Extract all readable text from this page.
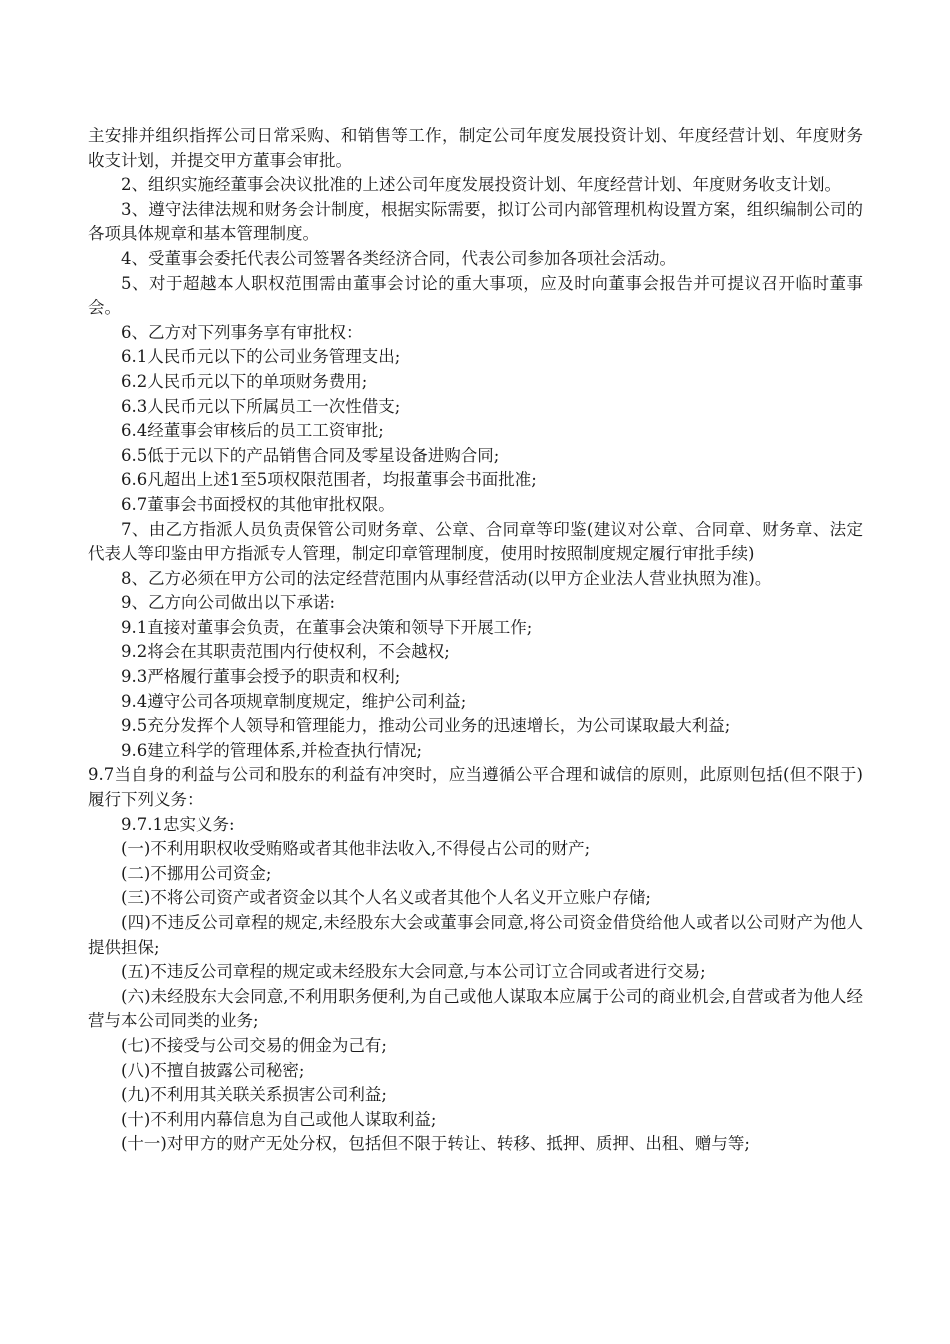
主安排并组织指挥公司日常采购、和销售等工作，制定公司年度发展投资计划、年度经营计划、年度财务收支计划，并提交甲方董事会审批。

2、组织实施经董事会决议批准的上述公司年度发展投资计划、年度经营计划、年度财务收支计划。

3、遵守法律法规和财务会计制度，根据实际需要，拟订公司内部管理机构设置方案，组织编制公司的各项具体规章和基本管理制度。

4、受董事会委托代表公司签署各类经济合同，代表公司参加各项社会活动。

5、对于超越本人职权范围需由董事会讨论的重大事项，应及时向董事会报告并可提议召开临时董事会。

6、乙方对下列事务享有审批权：

6.1人民币元以下的公司业务管理支出;

6.2人民币元以下的单项财务费用;

6.3人民币元以下所属员工一次性借支;

6.4经董事会审核后的员工工资审批;

6.5低于元以下的产品销售合同及零星设备进购合同;

6.6凡超出上述1至5项权限范围者，均报董事会书面批准;

6.7董事会书面授权的其他审批权限。

7、由乙方指派人员负责保管公司财务章、公章、合同章等印鉴(建议对公章、合同章、财务章、法定代表人等印鉴由甲方指派专人管理，制定印章管理制度，使用时按照制度规定履行审批手续)

8、乙方必须在甲方公司的法定经营范围内从事经营活动(以甲方企业法人营业执照为准)。

9、乙方向公司做出以下承诺:

9.1直接对董事会负责，在董事会决策和领导下开展工作;

9.2将会在其职责范围内行使权利，不会越权;

9.3严格履行董事会授予的职责和权利;

9.4遵守公司各项规章制度规定，维护公司利益;

9.5充分发挥个人领导和管理能力，推动公司业务的迅速增长，为公司谋取最大利益;

9.6建立科学的管理体系,并检查执行情况;

9.7当自身的利益与公司和股东的利益有冲突时，应当遵循公平合理和诚信的原则，此原则包括(但不限于)履行下列义务：

9.7.1忠实义务:

(一)不利用职权收受贿赂或者其他非法收入,不得侵占公司的财产;

(二)不挪用公司资金;

(三)不将公司资产或者资金以其个人名义或者其他个人名义开立账户存储;

(四)不违反公司章程的规定,未经股东大会或董事会同意,将公司资金借贷给他人或者以公司财产为他人提供担保;

(五)不违反公司章程的规定或未经股东大会同意,与本公司订立合同或者进行交易;

(六)未经股东大会同意,不利用职务便利,为自己或他人谋取本应属于公司的商业机会,自营或者为他人经营与本公司同类的业务;

(七)不接受与公司交易的佣金为己有;

(八)不擅自披露公司秘密;

(九)不利用其关联关系损害公司利益;

(十)不利用内幕信息为自己或他人谋取利益;

(十一)对甲方的财产无处分权，包括但不限于转让、转移、抵押、质押、出租、赠与等;
